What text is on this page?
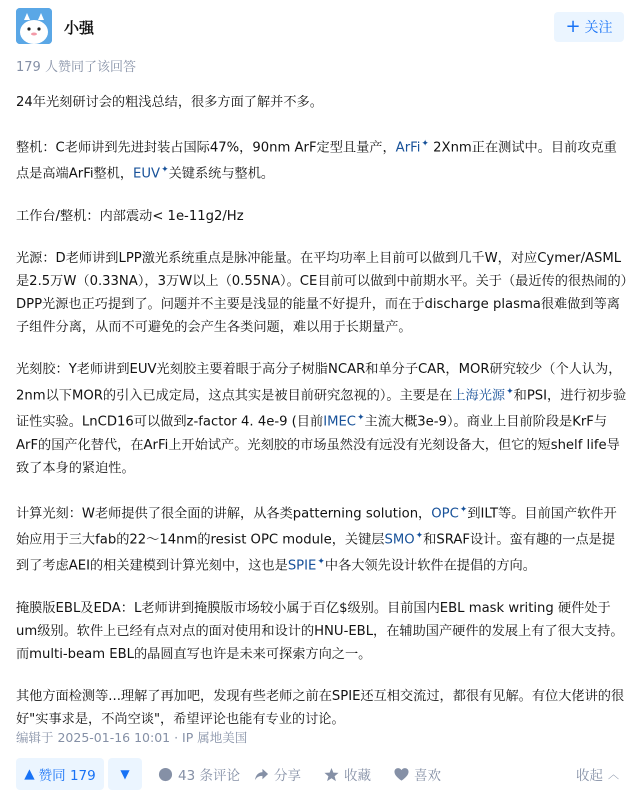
小强	+ 关注
179 人赞同了该回答

24年光刻研讨会的粗浅总结，很多方面了解并不多。

整机：C老师讲到先进封装占国际47%，90nm ArF定型且量产，ArFi✦ 2Xnm正在测试中。目前攻克重点是高端ArFi整机，EUV✦关键系统与整机。

工作台/整机：内部震动< 1e-11g2/Hz

光源：D老师讲到LPP激光系统重点是脉冲能量。在平均功率上目前可以做到几千W，对应Cymer/ASML是2.5万W（0.33NA），3万W以上（0.55NA）。CE目前可以做到中前期水平。关于（最近传的很热闹的）DPP光源也正巧提到了。问题并不主要是浅显的能量不好提升，而在于discharge plasma很难做到等离子组件分离，从而不可避免的会产生各类问题，难以用于长期量产。

光刻胶：Y老师讲到EUV光刻胶主要着眼于高分子树脂NCAR和单分子CAR，MOR研究较少（个人认为，2nm以下MOR的引入已成定局，这点其实是被目前研究忽视的）。主要是在上海光源✦和PSI，进行初步验证性实验。LnCD16可以做到z-factor 4. 4e-9 (目前IMEC✦主流大概3e-9）。商业上目前阶段是KrF与ArF的国产化替代，在ArFi上开始试产。光刻胶的市场虽然没有远没有光刻设备大，但它的短shelf life导致了本身的紧迫性。

计算光刻：W老师提供了很全面的讲解，从各类patterning solution，OPC✦到ILT等。目前国产软件开始应用于三大fab的22～14nm的resist OPC module，关键层SMO✦和SRAF设计。蛮有趣的一点是提到了考虑AEI的相关建模到计算光刻中，这也是SPIE✦中各大领先设计软件在提倡的方向。

掩膜版EBL及EDA：L老师讲到掩膜版市场较小属于百亿$级别。目前国内EBL mask writing 硬件处于um级别。软件上已经有点对点的面对使用和设计的HNU-EBL，在辅助国产硬件的发展上有了很大支持。而multi-beam EBL的晶圆直写也许是未来可探索方向之一。

其他方面检测等...理解了再加吧，发现有些老师之前在SPIE还互相交流过，都很有见解。有位大佬讲的很好"实事求是，不尚空谈"，希望评论也能有专业的讨论。

编辑于 2025-01-16 10:01 · IP 属地美国
▲ 赞同 179 ▼	43 条评论	分享	收藏	喜欢	收起 ︿
